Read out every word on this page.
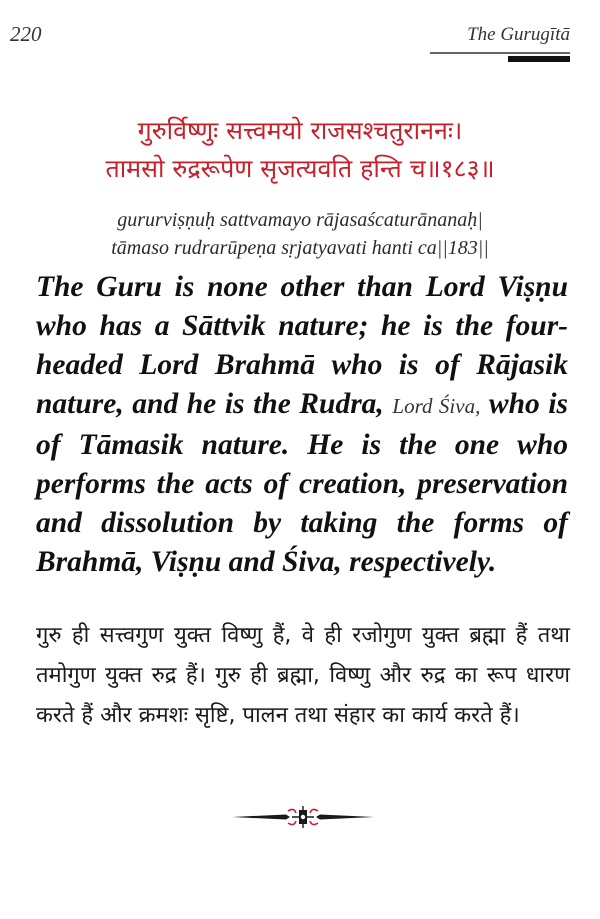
220	The Gurugītā
गुरुर्विष्णुः सत्त्वमयो राजसश्चतुराननः।
तामसो रुद्ररूपेण सृजत्यवति हन्ति च॥१८३॥
gururviṣṇuḥ sattvamayo rājasaścaturānanaḥ|
tāmaso rudrarūpeṇa sṛjatyavati hanti ca||183||
The Guru is none other than Lord Viṣṇu who has a Sāttvik nature; he is the four-headed Lord Brahmā who is of Rājasik nature, and he is the Rudra, Lord Śiva, who is of Tāmasik nature. He is the one who performs the acts of creation, preservation and dissolution by taking the forms of Brahmā, Viṣṇu and Śiva, respectively.
गुरु ही सत्त्वगुण युक्त विष्णु हैं, वे ही रजोगुण युक्त ब्रह्मा हैं तथा तमोगुण युक्त रुद्र हैं। गुरु ही ब्रह्मा, विष्णु और रुद्र का रूप धारण करते हैं और क्रमशः सृष्टि, पालन तथा संहार का कार्य करते हैं।
